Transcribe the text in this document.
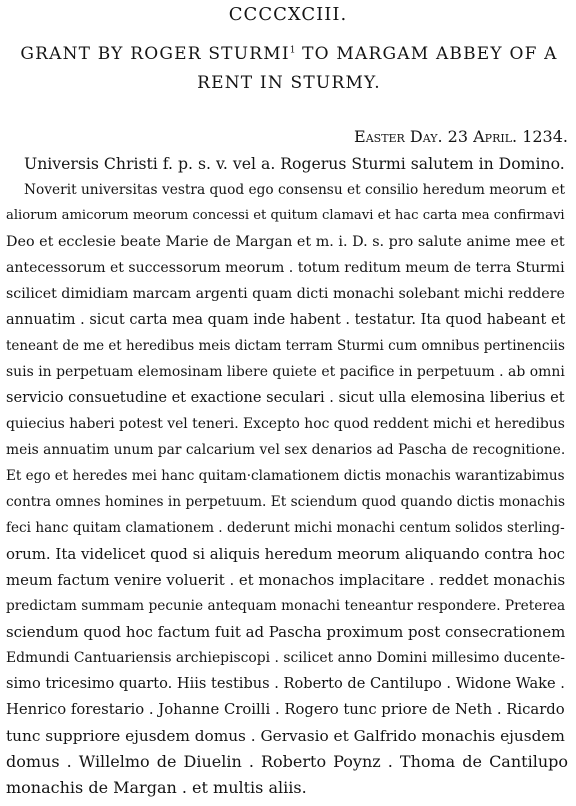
CCCCXCIII.
GRANT BY ROGER STURMI$^1$ TO MARGAM ABBEY OF A
RENT IN STURMY.
Easter Day. 23 April. 1234.
Universis Christi f. p. s. v. vel a. Rogerus Sturmi salutem in Domino.
Noverit universitas vestra quod ego consensu et consilio heredum meorum et
aliorum amicorum meorum concessi et quitum clamavi et hac carta mea confirmavi
Deo et ecclesie beate Marie de Margan et m. i. D. s. pro salute anime mee et
antecessorum et successorum meorum . totum reditum meum de terra Sturmi
scilicet dimidiam marcam argenti quam dicti monachi solebant michi reddere
annuatim . sicut carta mea quam inde habent . testatur. Ita quod habeant et
teneant de me et heredibus meis dictam terram Sturmi cum omnibus pertinenciis
suis in perpetuam elemosinam libere quiete et pacifice in perpetuum . ab omni
servicio consuetudine et exactione seculari . sicut ulla elemosina liberius et
quiecius haberi potest vel teneri. Excepto hoc quod reddent michi et heredibus
meis annuatim unum par calcarium vel sex denarios ad Pascha de recognitione.
Et ego et heredes mei hanc quitam·clamationem dictis monachis warantizabimus
contra omnes homines in perpetuum. Et sciendum quod quando dictis monachis
feci hanc quitam clamationem . dederunt michi monachi centum solidos sterling-
orum. Ita videlicet quod si aliquis heredum meorum aliquando contra hoc
meum factum venire voluerit . et monachos implacitare . reddet monachis
predictam summam pecunie antequam monachi teneantur respondere. Preterea
sciendum quod hoc factum fuit ad Pascha proximum post consecrationem
Edmundi Cantuariensis archiepiscopi . scilicet anno Domini millesimo ducente-
simo tricesimo quarto. Hiis testibus . Roberto de Cantilupo . Widone Wake .
Henrico forestario . Johanne Croilli . Rogero tunc priore de Neth . Ricardo
tunc suppriore ejusdem domus . Gervasio et Galfrido monachis ejusdem
domus . Willelmo de Diuelin . Roberto Poynz . Thoma de Cantilupo
monachis de Margan . et multis aliis.
